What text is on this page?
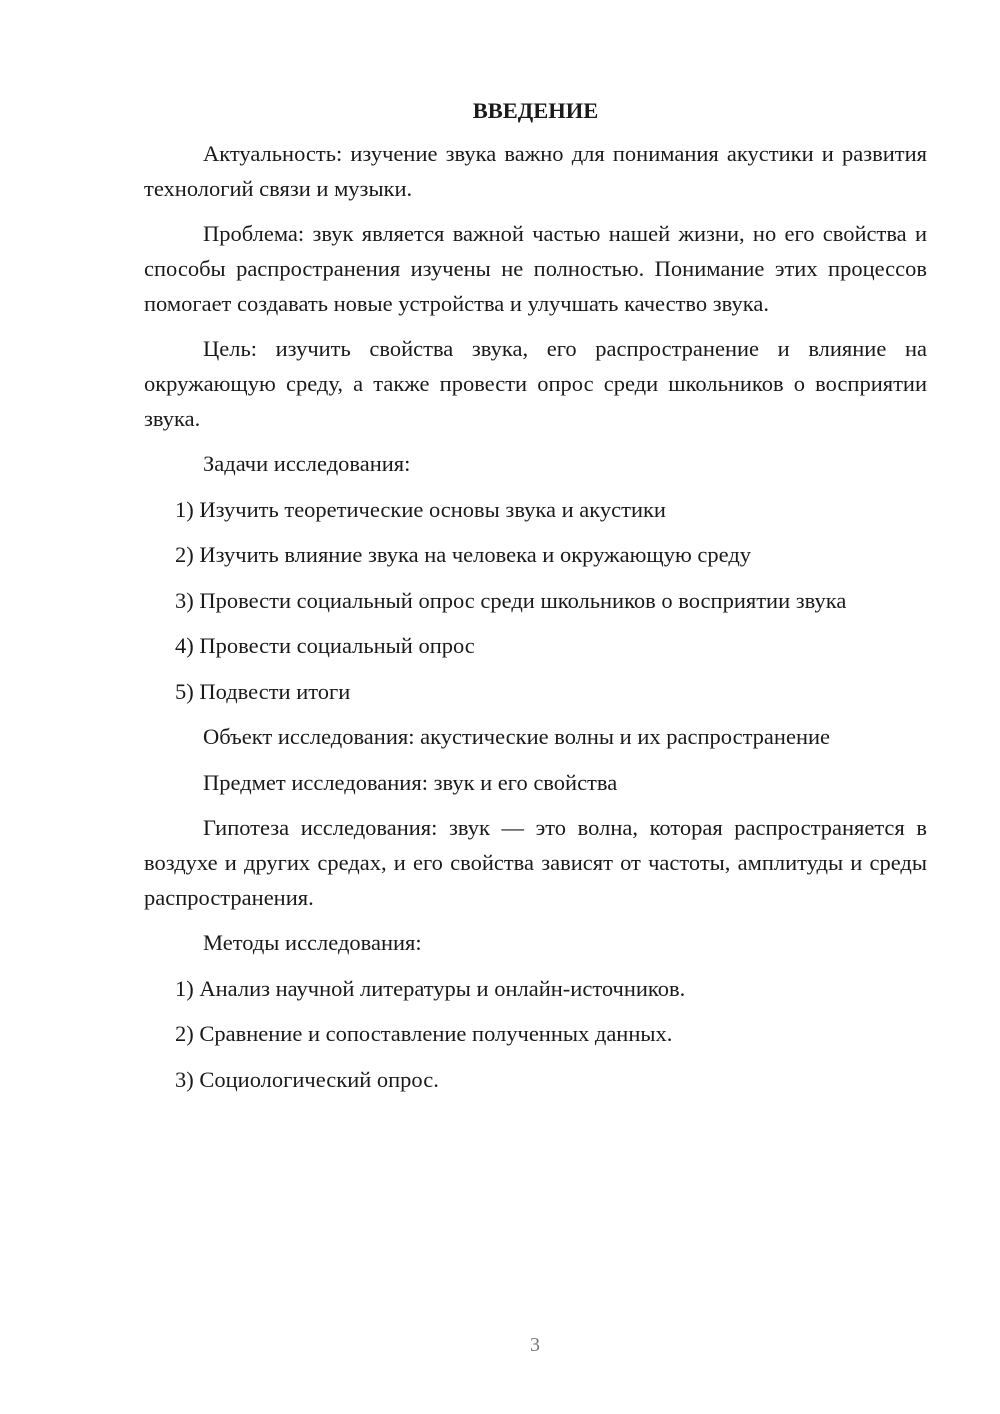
ВВЕДЕНИЕ

Актуальность: изучение звука важно для понимания акустики и развития технологий связи и музыки.

Проблема: звук является важной частью нашей жизни, но его свойства и способы распространения изучены не полностью. Понимание этих процессов помогает создавать новые устройства и улучшать качество звука.

Цель: изучить свойства звука, его распространение и влияние на окружающую среду, а также провести опрос среди школьников о восприятии звука.

Задачи исследования:
1) Изучить теоретические основы звука и акустики
2) Изучить влияние звука на человека и окружающую среду
3) Провести социальный опрос среди школьников о восприятии звука
4) Провести социальный опрос
5) Подвести итоги
Объект исследования: акустические волны и их распространение
Предмет исследования: звук и его свойства

Гипотеза исследования: звук — это волна, которая распространяется в воздухе и других средах, и его свойства зависят от частоты, амплитуды и среды распространения.

Методы исследования:
1) Анализ научной литературы и онлайн-источников.
2) Сравнение и сопоставление полученных данных.
3) Социологический опрос.
3
